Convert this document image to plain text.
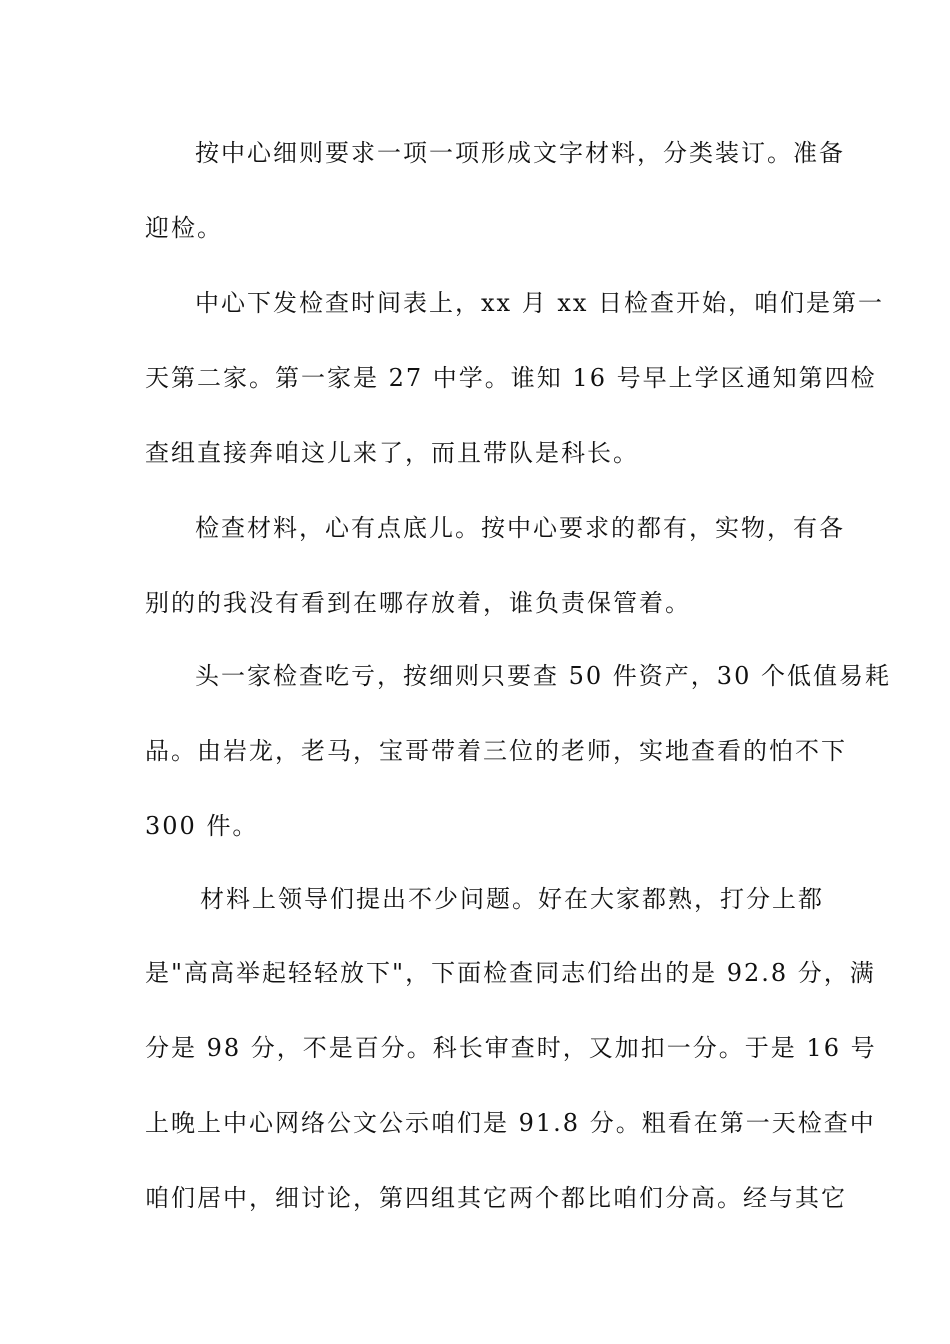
按中心细则要求一项一项形成文字材料，分类装订。准备

迎检。

中心下发检查时间表上，xx 月 xx 日检查开始，咱们是第一

天第二家。第一家是 27 中学。谁知 16 号早上学区通知第四检

查组直接奔咱这儿来了，而且带队是科长。

检查材料，心有点底儿。按中心要求的都有，实物，有各

别的的我没有看到在哪存放着，谁负责保管着。

头一家检查吃亏，按细则只要查 50 件资产，30 个低值易耗

品。由岩龙，老马，宝哥带着三位的老师，实地查看的怕不下

300 件。

材料上领导们提出不少问题。好在大家都熟，打分上都

是"高高举起轻轻放下"，下面检查同志们给出的是 92.8 分，满

分是 98 分，不是百分。科长审查时，又加扣一分。于是 16 号

上晚上中心网络公文公示咱们是 91.8 分。粗看在第一天检查中

咱们居中，细讨论，第四组其它两个都比咱们分高。经与其它
